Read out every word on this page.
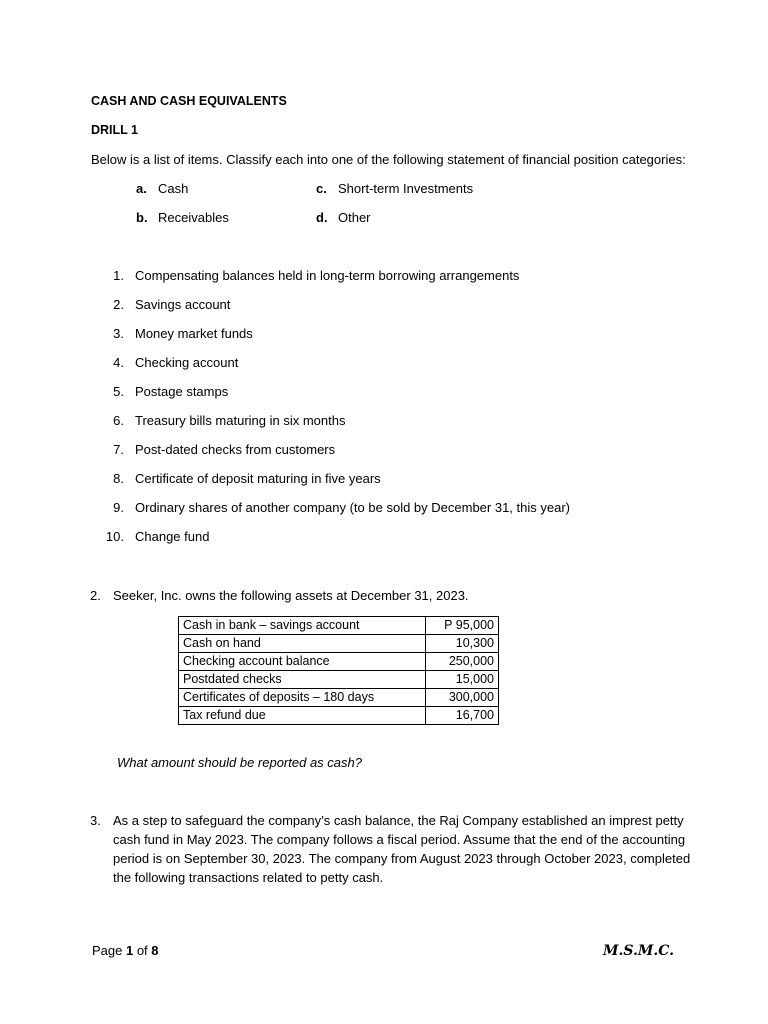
CASH AND CASH EQUIVALENTS
DRILL 1
Below is a list of items. Classify each into one of the following statement of financial position categories:
a. Cash
b. Receivables
c. Short-term Investments
d. Other
1. Compensating balances held in long-term borrowing arrangements
2. Savings account
3. Money market funds
4. Checking account
5. Postage stamps
6. Treasury bills maturing in six months
7. Post-dated checks from customers
8. Certificate of deposit maturing in five years
9. Ordinary shares of another company (to be sold by December 31, this year)
10. Change fund
2. Seeker, Inc. owns the following assets at December 31, 2023.
Cash in bank – savings account	P 95,000
Cash on hand	10,300
Checking account balance	250,000
Postdated checks	15,000
Certificates of deposits – 180 days	300,000
Tax refund due	16,700
What amount should be reported as cash?
3. As a step to safeguard the company’s cash balance, the Raj Company established an imprest petty
cash fund in May 2023. The company follows a fiscal period. Assume that the end of the accounting
period is on September 30, 2023. The company from August 2023 through October 2023, completed
the following transactions related to petty cash.
Page 1 of 8	M.S.M.C.
